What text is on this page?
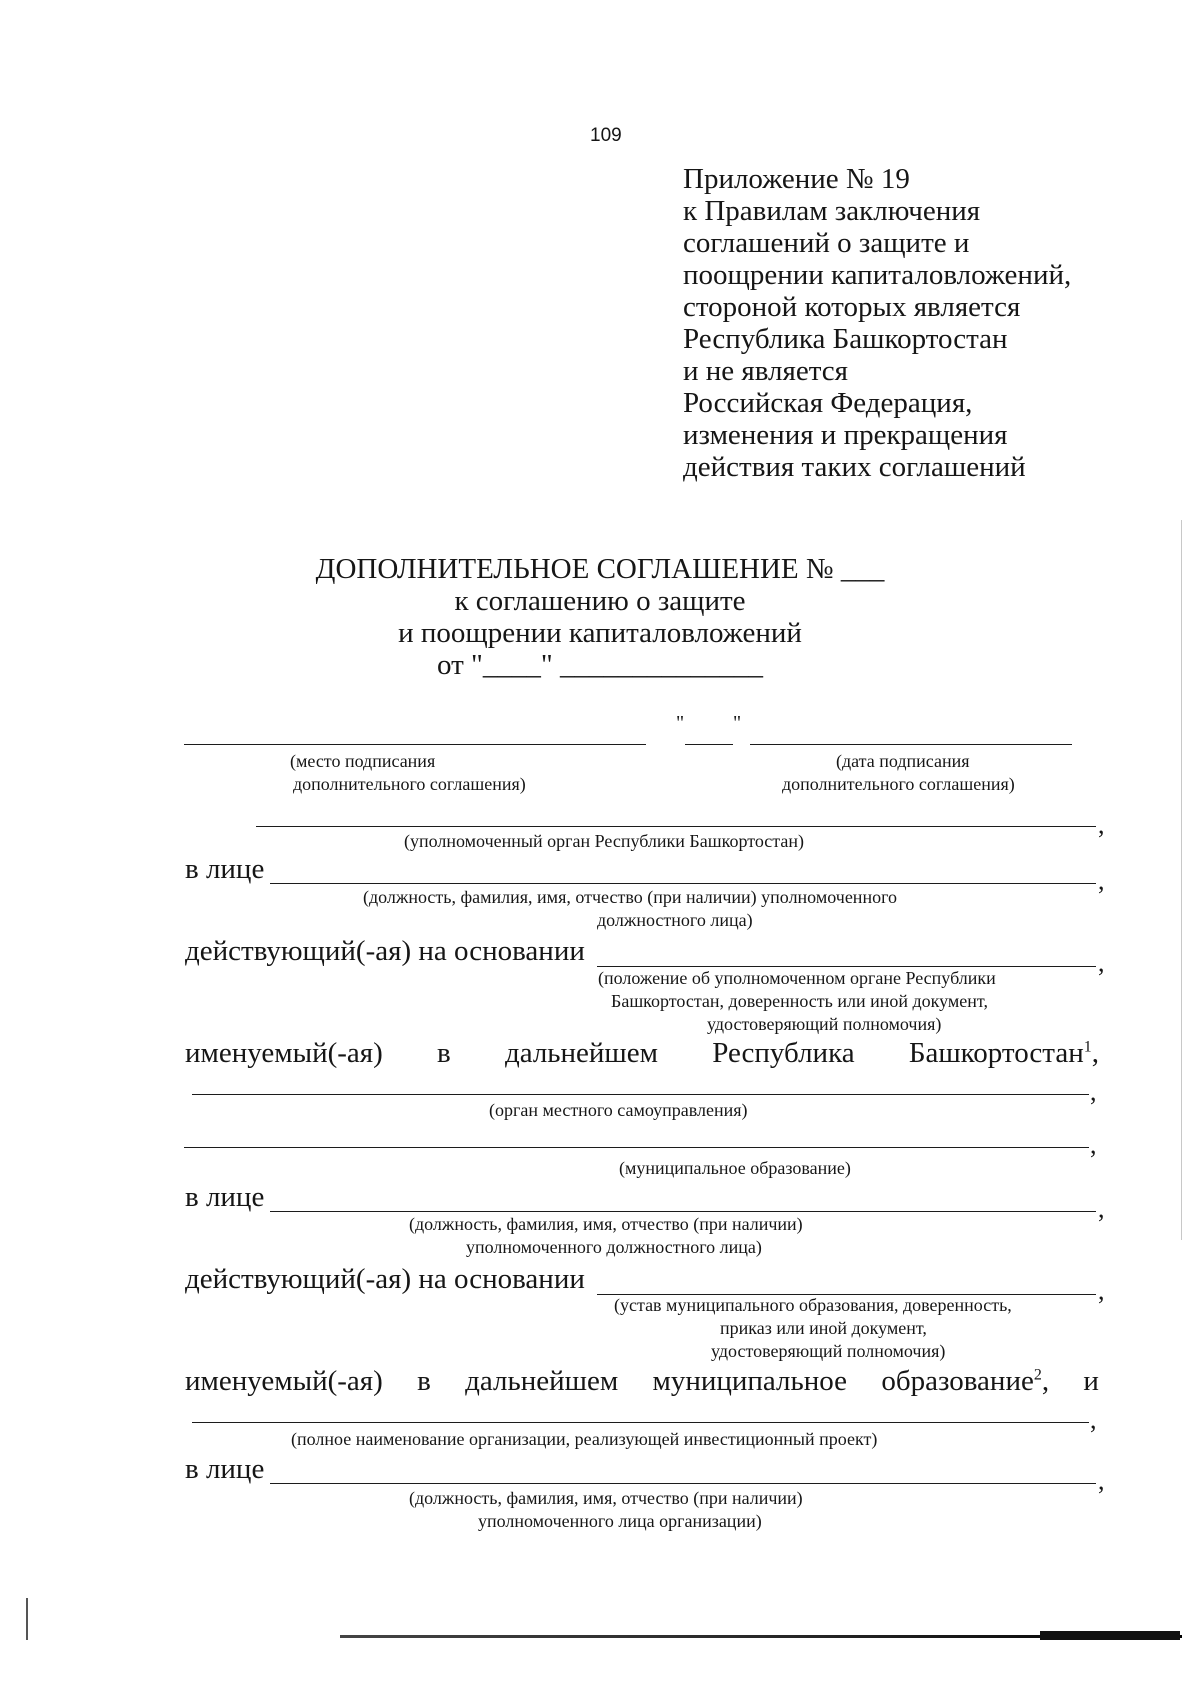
109
Приложение № 19
к Правилам заключения
соглашений о защите и
поощрении капиталовложений,
стороной которых является
Республика Башкортостан
и не является
Российская Федерация,
изменения и прекращения
действия таких соглашений
ДОПОЛНИТЕЛЬНОЕ СОГЛАШЕНИЕ № ___
к соглашению о защите
и поощрении капиталовложений
от "____" ______________
" "
(место подписания
дополнительного соглашения)
(дата подписания
дополнительного соглашения)
,
(уполномоченный орган Республики Башкортостан)
в лице	,
(должность, фамилия, имя, отчество (при наличии) уполномоченного
должностного лица)
действующий(-ая) на основании	,
(положение об уполномоченном органе Республики
Башкортостан, доверенность или иной документ,
удостоверяющий полномочия)
именуемый(-ая) в дальнейшем Республика Башкортостан$^1$,
,
(орган местного самоуправления)
,
(муниципальное образование)
в лице	,
(должность, фамилия, имя, отчество (при наличии)
уполномоченного должностного лица)
действующий(-ая) на основании	,
(устав муниципального образования, доверенность,
приказ или иной документ,
удостоверяющий полномочия)
именуемый(-ая) в дальнейшем муниципальное образование$^2$, и
,
(полное наименование организации, реализующей инвестиционный проект)
в лице	,
(должность, фамилия, имя, отчество (при наличии)
уполномоченного лица организации)
